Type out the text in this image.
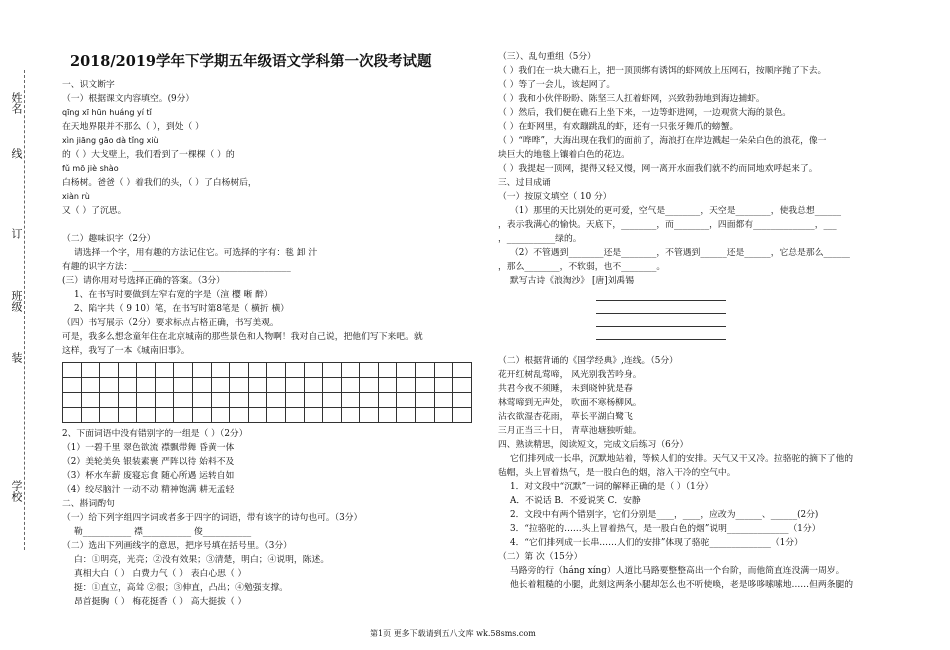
姓名
线
订
班级
装
学校
2018/2019学年下学期五年级语文学科第一次段考试题

一、识文断字

（一）根据课文内容填空。(9分）

qīng xī hūn huáng yí tǐ

在天地界限并不那么（ ），到处（ ）

xìn jiāng gāo dà tǐng xiù

的（ ）大戈壁上，我们看到了一棵棵（ ）的

fǔ mō jiè shào

白杨树。爸爸（ ）着我们的头，（ ）了白杨树后，

xiàn rù

又（ ）了沉思。

（二）趣味识字（2分）

请选择一个字，用有趣的方法记住它。可选择的字有：毯 卸 汁

有趣的识字方法：____________________________________

(三）请你用对号选择正确的答案。（3分）

1、在书写时要做到左窄右宽的字是（渲 樱 晰 醉）

2、陷字共（ 9 10）笔，在书写时第8笔是（ 横折 横）

（四）书写展示（2分）要求标点占格正确，书写美观。

可是，我多么想念童年住在北京城南的那些景色和人物啊！我对自己说，把他们写下来吧。就

这样，我写了一本《城南旧事》。

2、下面词语中没有错别字的一组是（ ）（2分）

（1）一碧千里 翠色欲流 襟飘带舞 昏黄一体

（2）美轮美奂 银装素裹 严阵以待 始料不及

（3）杯水车薪 废寝忘食 随心所遇 运转自如

（4）绞尽脑汁 一动不动 精神饱满 耕无孟轻

二、斟词酌句

（一）给下列字组四字词或者多于四字的词语，带有该字的诗句也可。（3分）

勒___________ 襟___________ 俊___________

（二）选出下列画线字的意思，把序号填在括号里。（3分）

白：①明亮，光亮；②没有效果；③清楚，明白；④说明，陈述。

真相大白（ ） 白费力气（ ） 表白心思（ ）

挺：①直立，高耸 ②很；③伸直，凸出；④勉强支撑。

昂首挺胸（ ） 梅花挺香（ ） 高大挺拔（ ）

（三）、乱句重组（5分）

（ ）我们在一块大礁石上，把一顶顶绑有诱饵的虾网放上压网石，按顺序抛了下去。

（ ）等了一会儿，该起网了。

（ ）我和小伙伴盼盼、陈坚三人扛着虾网，兴致勃勃地到海边捕虾。

（ ）然后，我们便在礁石上坐下来，一边等虾进网，一边观赏大海的景色。

（ ）在虾网里，有欢蹦跳乱的虾，还有一只张牙舞爪的螃蟹。

（ ）“哗哗”，大海出现在我们的面前了，海浪打在岸边溅起一朵朵白色的浪花，像一

块巨大的地毯上镶着白色的花边。

（ ）我提起一顶网，提得又轻又慢，网一离开水面我们就不约而同地欢呼起来了。

三、过目成诵

（一）按原文填空（ 10 分）

（1）那里的天比别处的更可爱，空气是________，天空是________，使我总想______

，表示我满心的愉快。天底下，________，而________，四面都有______________，___

，___________绿的。

（2）不管遇到________还是________，不管遇到______还是______，它总是那么______

，那么________，不软弱，也不________。

默写古诗《浪淘沙》 [唐]刘禹锡

（二）根据背诵的《国学经典》,连线。（5分）

花开红树乱莺啼， 风光别我苦吟身。

共君今夜不须睡， 未到晓钟犹是春

林莺啼到无声处， 吹面不寒杨柳风。

沾衣欲湿杏花雨， 草长平湖白鹭飞

三月正当三十日， 青草池塘独听蛙。

四、熟读精思，阅读短文，完成文后练习（6分）

它们排列成一长串，沉默地站着，等候人们的安排。天气又干又冷。拉骆驼的摘下了他的

毡帽，头上冒着热气，是一股白色的烟，溶入干冷的空气中。

1．对文段中“沉默”一词的解释正确的是（ ）（1分）

A．不说话 B．不爱说笑 C．安静

2．文段中有两个错别字，它们分别是____，____，应改为______、______(2分)

3．“拉骆驼的……头上冒着热气，是一股白色的烟”说明______________（1分）

4．“它们排列成一长串……人们的安排”体现了骆驼______________（1分）

（二）第 次（15分）

马路旁的行（háng xíng）人道比马路要整整高出一个台阶，而他简直连没满一周岁。

他长着粗糙的小腿，此刻这两条小腿却怎么也不听使唤，老是哆哆嗦嗦地……但两条腿的

第1页 更多下载请到五八文库 wk.58sms.com
